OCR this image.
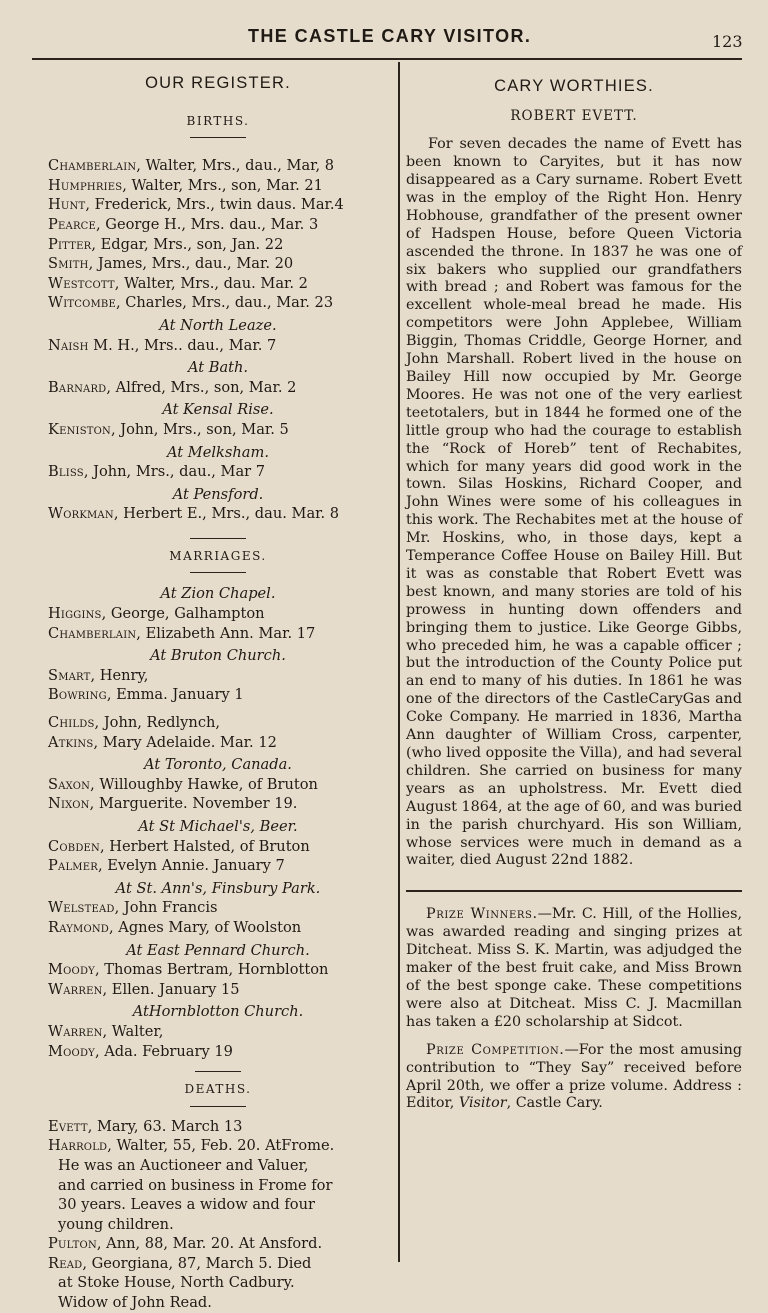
THE CASTLE CARY VISITOR.	123
OUR REGISTER.
BIRTHS.
Chamberlain, Walter, Mrs., dau., Mar, 8
Humphries, Walter, Mrs., son, Mar. 21
Hunt, Frederick, Mrs., twin daus. Mar.4
Pearce, George H., Mrs. dau., Mar. 3
Pitter, Edgar, Mrs., son, Jan. 22
Smith, James, Mrs., dau., Mar. 20
Westcott, Walter, Mrs., dau. Mar. 2
Witcombe, Charles, Mrs., dau., Mar. 23
At North Leaze.
Naish M. H., Mrs.. dau., Mar. 7
At Bath.
Barnard, Alfred, Mrs., son, Mar. 2
At Kensal Rise.
Keniston, John, Mrs., son, Mar. 5
At Melksham.
Bliss, John, Mrs., dau., Mar 7
At Pensford.
Workman, Herbert E., Mrs., dau. Mar. 8
MARRIAGES.
At Zion Chapel.
Higgins, George, Galhampton
Chamberlain, Elizabeth Ann. Mar. 17
At Bruton Church.
Smart, Henry,
Bowring, Emma. January 1
Childs, John, Redlynch,
Atkins, Mary Adelaide. Mar. 12
At Toronto, Canada.
Saxon, Willoughby Hawke, of Bruton
Nixon, Marguerite. November 19.
At St Michael's, Beer.
Cobden, Herbert Halsted, of Bruton
Palmer, Evelyn Annie. January 7
At St. Ann's, Finsbury Park.
Welstead, John Francis
Raymond, Agnes Mary, of Woolston
At East Pennard Church.
Moody, Thomas Bertram, Hornblotton
Warren, Ellen. January 15
AtHornblotton Church.
Warren, Walter,
Moody, Ada. February 19
DEATHS.
Evett, Mary, 63. March 13
Harrold, Walter, 55, Feb. 20. AtFrome.
He was an Auctioneer and Valuer,
and carried on business in Frome for
30 years. Leaves a widow and four
young children.
Pulton, Ann, 88, Mar. 20. At Ansford.
Read, Georgiana, 87, March 5. Died
at Stoke House, North Cadbury.
Widow of John Read.
CARY WORTHIES.
ROBERT EVETT.

For seven decades the name of Evett has been known to Caryites, but it has now disappeared as a Cary surname. Robert Evett was in the employ of the Right Hon. Henry Hobhouse, grandfather of the present owner of Hadspen House, before Queen Victoria ascended the throne. In 1837 he was one of six bakers who supplied our grandfathers with bread ; and Robert was famous for the excellent whole-meal bread he made. His competitors were John Applebee, William Biggin, Thomas Criddle, George Horner, and John Marshall. Robert lived in the house on Bailey Hill now occupied by Mr. George Moores. He was not one of the very earliest teetotalers, but in 1844 he formed one of the little group who had the courage to establish the “Rock of Horeb” tent of Rechabites, which for many years did good work in the town. Silas Hoskins, Richard Cooper, and John Wines were some of his colleagues in this work. The Rechabites met at the house of Mr. Hoskins, who, in those days, kept a Temperance Coffee House on Bailey Hill. But it was as constable that Robert Evett was best known, and many stories are told of his prowess in hunting down offenders and bringing them to justice. Like George Gibbs, who preceded him, he was a capable officer ; but the introduction of the County Police put an end to many of his duties. In 1861 he was one of the directors of the CastleCaryGas and Coke Company. He married in 1836, Martha Ann daughter of William Cross, carpenter, (who lived opposite the Villa), and had several children. She carried on business for many years as an upholstress. Mr. Evett died August 1864, at the age of 60, and was buried in the parish churchyard. His son William, whose services were much in demand as a waiter, died August 22nd 1882.

Prize Winners.—Mr. C. Hill, of the Hollies, was awarded reading and singing prizes at Ditcheat. Miss S. K. Martin, was adjudged the maker of the best fruit cake, and Miss Brown of the best sponge cake. These competitions were also at Ditcheat. Miss C. J. Macmillan has taken a £20 scholarship at Sidcot.

Prize Competition.—For the most amusing contribution to “They Say” received before April 20th, we offer a prize volume. Address : Editor, Visitor, Castle Cary.
